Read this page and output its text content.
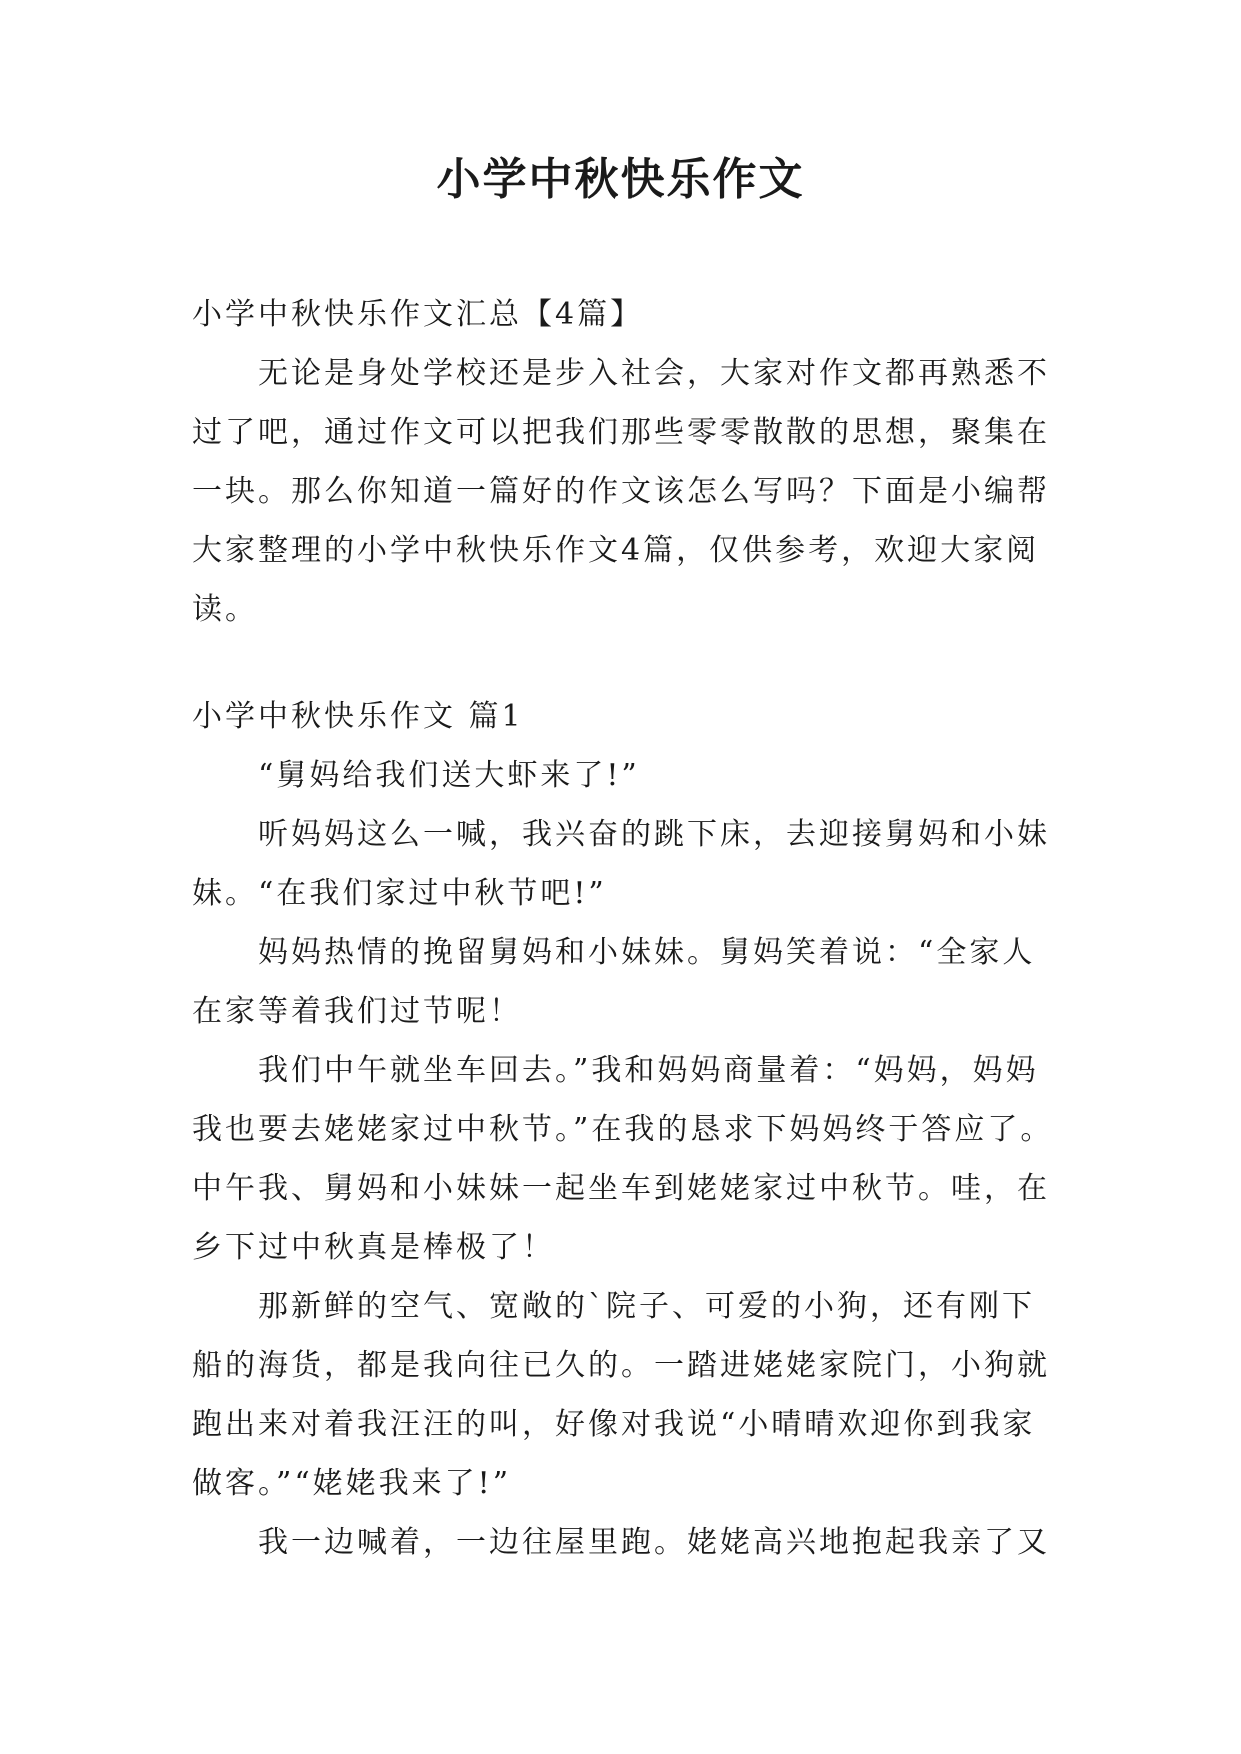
小学中秋快乐作文
小学中秋快乐作文汇总【4篇】
无论是身处学校还是步入社会，大家对作文都再熟悉不
过了吧，通过作文可以把我们那些零零散散的思想，聚集在
一块。那么你知道一篇好的作文该怎么写吗？下面是小编帮
大家整理的小学中秋快乐作文4篇，仅供参考，欢迎大家阅
读。
小学中秋快乐作文 篇1
“舅妈给我们送大虾来了!”
听妈妈这么一喊，我兴奋的跳下床，去迎接舅妈和小妹
妹。“在我们家过中秋节吧!”
妈妈热情的挽留舅妈和小妹妹。舅妈笑着说：“全家人
在家等着我们过节呢！
我们中午就坐车回去。”我和妈妈商量着：“妈妈，妈妈
我也要去姥姥家过中秋节。”在我的恳求下妈妈终于答应了。
中午我、舅妈和小妹妹一起坐车到姥姥家过中秋节。哇，在
乡下过中秋真是棒极了！
那新鲜的空气、宽敞的`院子、可爱的小狗，还有刚下
船的海货，都是我向往已久的。一踏进姥姥家院门，小狗就
跑出来对着我汪汪的叫，好像对我说“小晴晴欢迎你到我家
做客。”“姥姥我来了!”
我一边喊着，一边往屋里跑。姥姥高兴地抱起我亲了又
